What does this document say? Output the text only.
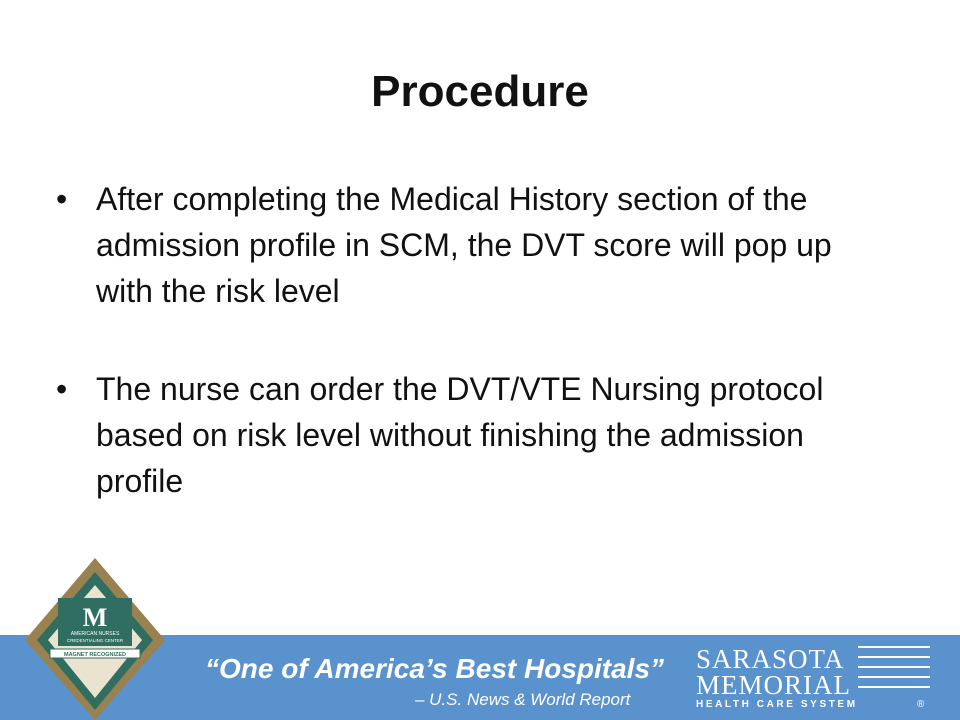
Procedure
• After completing the Medical History section of the admission profile in SCM, the DVT score will pop up with the risk level
• The nurse can order the DVT/VTE Nursing protocol based on risk level without finishing the admission profile
M
AMERICAN NURSES
CREDENTIALING CENTER
MAGNET RECOGNIZED	“One of America’s Best Hospitals”
– U.S. News & World Report
SARASOTA
MEMORIAL
HEALTH CARE SYSTEM	®
